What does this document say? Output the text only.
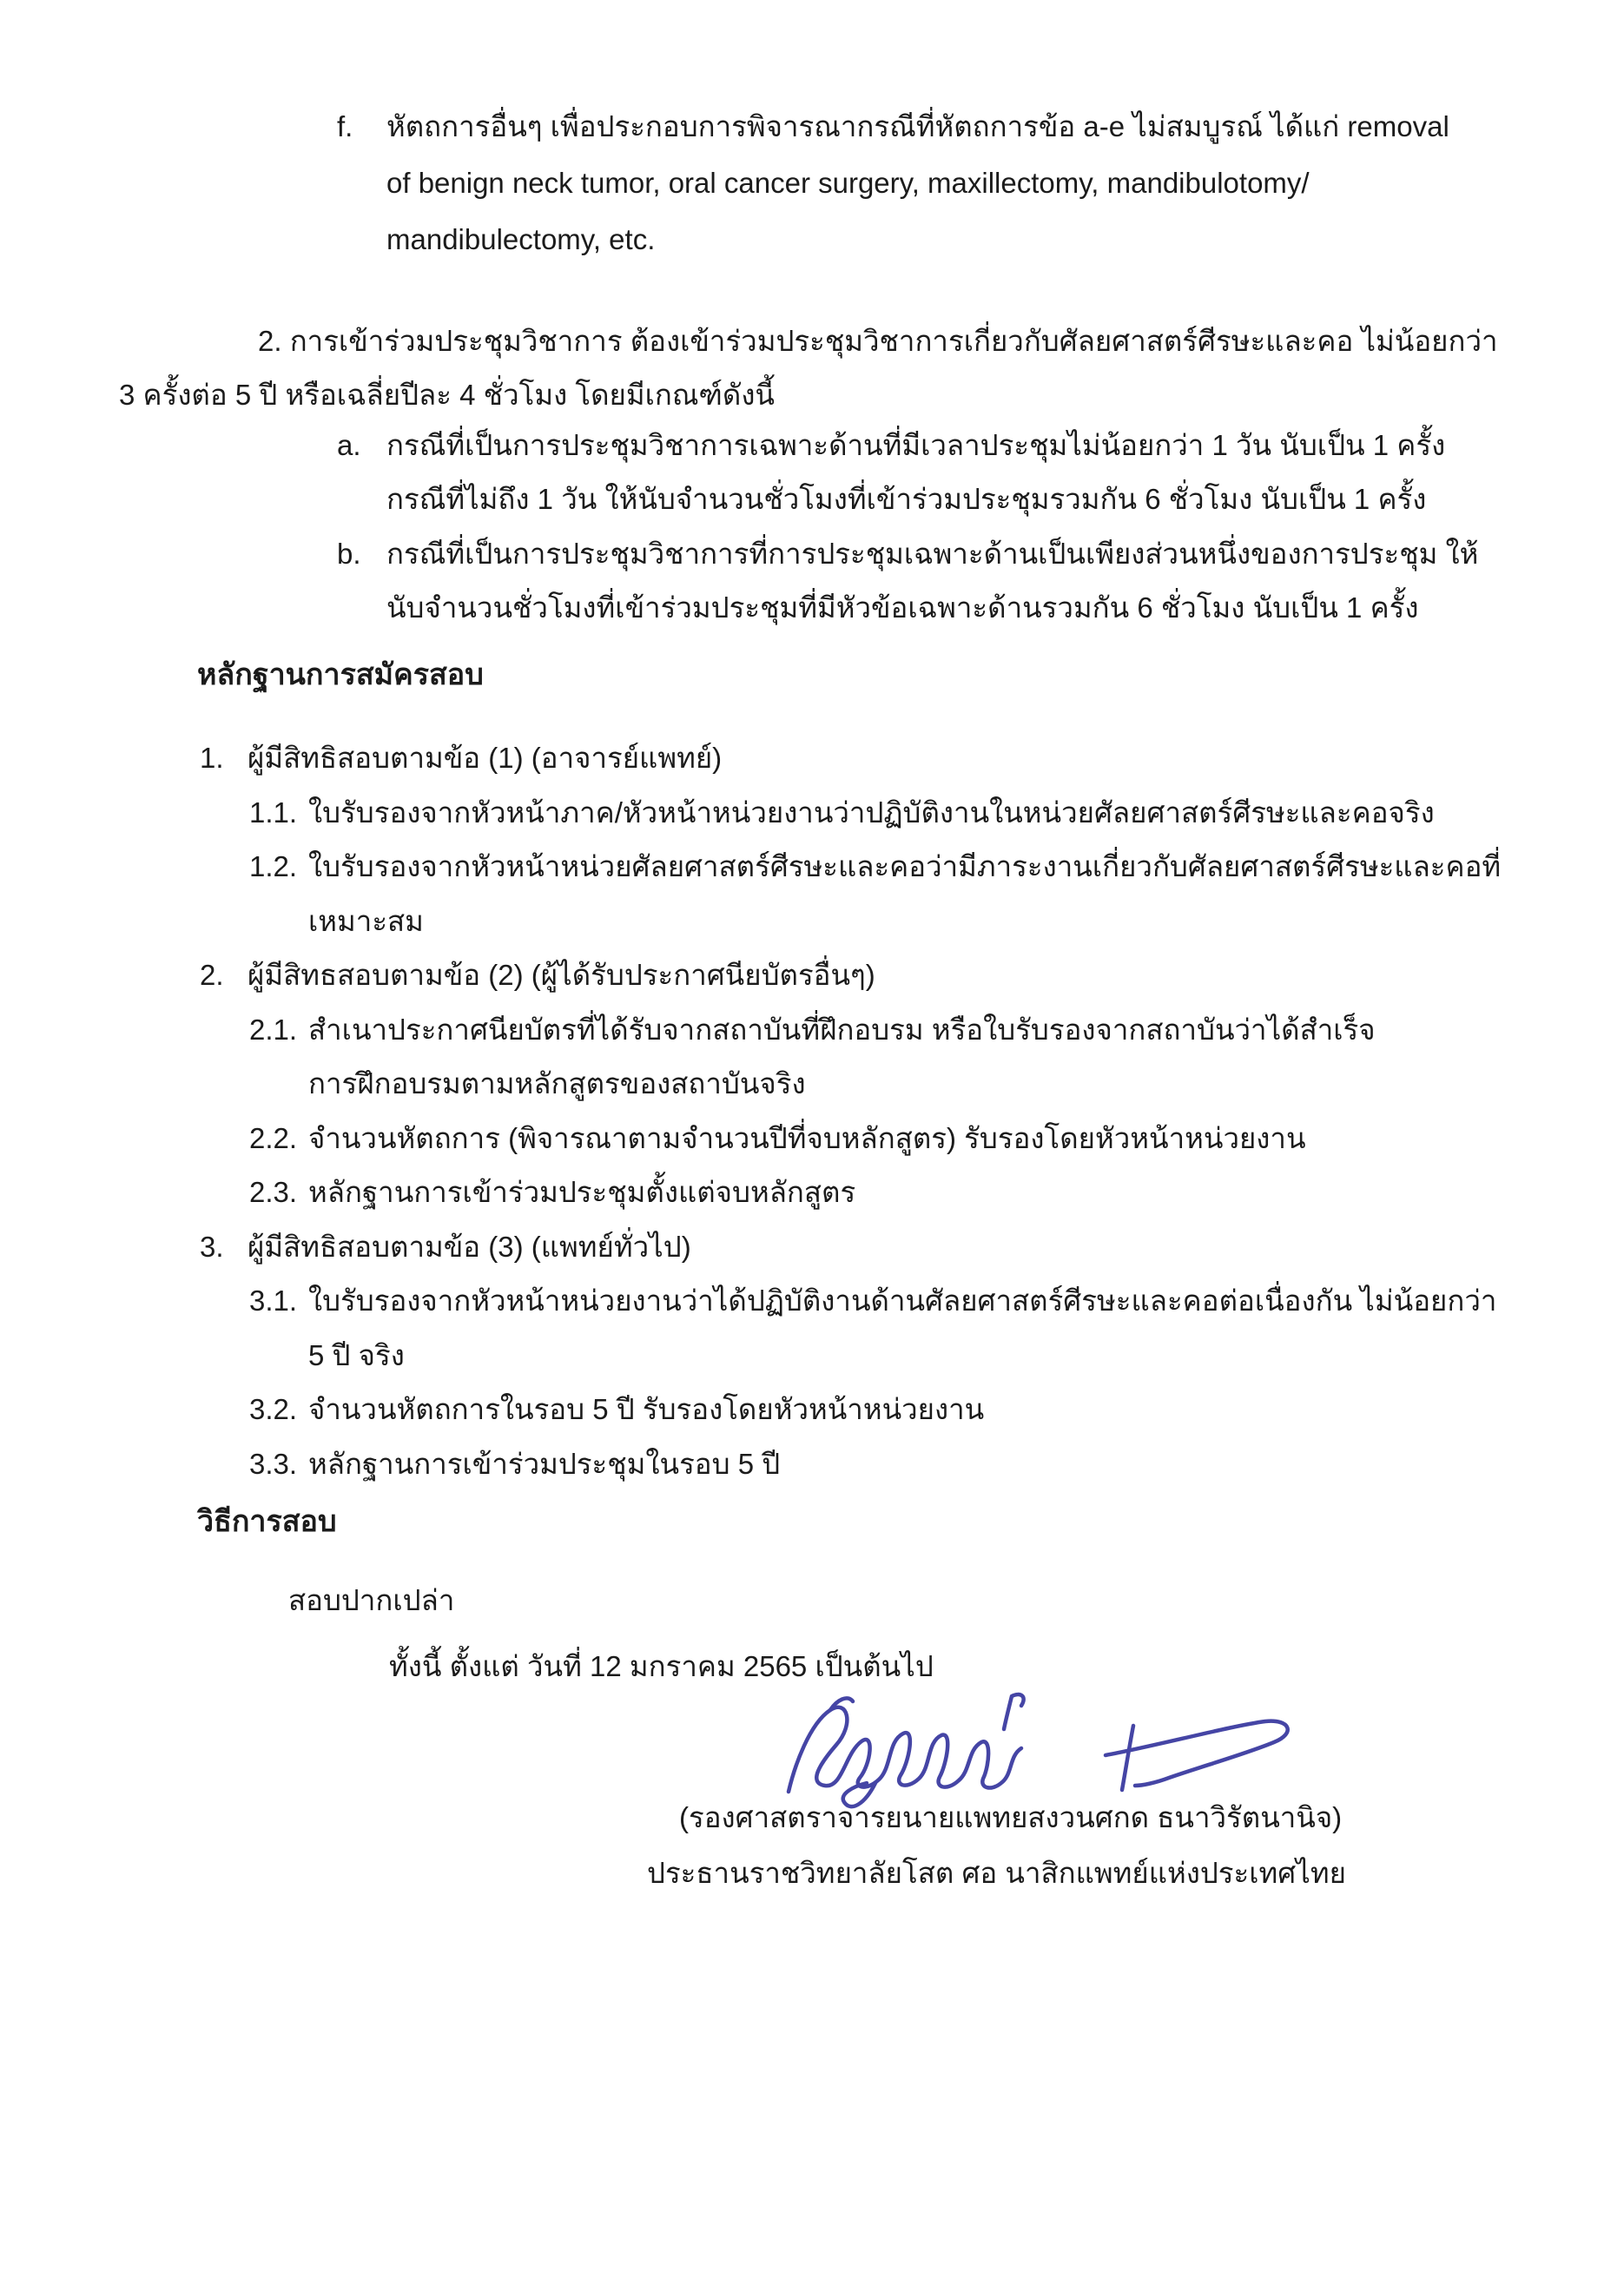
f. หัตถการอื่นๆ เพื่อประกอบการพิจารณากรณีที่หัตถการข้อ a-e ไม่สมบูรณ์ ได้แก่ removal
of benign neck tumor, oral cancer surgery, maxillectomy, mandibulotomy/
mandibulectomy, etc.
2. การเข้าร่วมประชุมวิชาการ ต้องเข้าร่วมประชุมวิชาการเกี่ยวกับศัลยศาสตร์ศีรษะและคอ ไม่น้อยกว่า
3 ครั้งต่อ 5 ปี หรือเฉลี่ยปีละ 4 ชั่วโมง โดยมีเกณฑ์ดังนี้
a. กรณีที่เป็นการประชุมวิชาการเฉพาะด้านที่มีเวลาประชุมไม่น้อยกว่า 1 วัน นับเป็น 1 ครั้ง
กรณีที่ไม่ถึง 1 วัน ให้นับจำนวนชั่วโมงที่เข้าร่วมประชุมรวมกัน 6 ชั่วโมง นับเป็น 1 ครั้ง
b. กรณีที่เป็นการประชุมวิชาการที่การประชุมเฉพาะด้านเป็นเพียงส่วนหนึ่งของการประชุม ให้
นับจำนวนชั่วโมงที่เข้าร่วมประชุมที่มีหัวข้อเฉพาะด้านรวมกัน 6 ชั่วโมง นับเป็น 1 ครั้ง
หลักฐานการสมัครสอบ
1. ผู้มีสิทธิสอบตามข้อ (1) (อาจารย์แพทย์)
1.1. ใบรับรองจากหัวหน้าภาค/หัวหน้าหน่วยงานว่าปฏิบัติงานในหน่วยศัลยศาสตร์ศีรษะและคอจริง
1.2. ใบรับรองจากหัวหน้าหน่วยศัลยศาสตร์ศีรษะและคอว่ามีภาระงานเกี่ยวกับศัลยศาสตร์ศีรษะและคอที่
เหมาะสม
2. ผู้มีสิทธสอบตามข้อ (2) (ผู้ได้รับประกาศนียบัตรอื่นๆ)
2.1. สำเนาประกาศนียบัตรที่ได้รับจากสถาบันที่ฝึกอบรม หรือใบรับรองจากสถาบันว่าได้สำเร็จ
การฝึกอบรมตามหลักสูตรของสถาบันจริง
2.2. จำนวนหัตถการ (พิจารณาตามจำนวนปีที่จบหลักสูตร) รับรองโดยหัวหน้าหน่วยงาน
2.3. หลักฐานการเข้าร่วมประชุมตั้งแต่จบหลักสูตร
3. ผู้มีสิทธิสอบตามข้อ (3) (แพทย์ทั่วไป)
3.1. ใบรับรองจากหัวหน้าหน่วยงานว่าได้ปฏิบัติงานด้านศัลยศาสตร์ศีรษะและคอต่อเนื่องกัน ไม่น้อยกว่า
5 ปี จริง
3.2. จำนวนหัตถการในรอบ 5 ปี รับรองโดยหัวหน้าหน่วยงาน
3.3. หลักฐานการเข้าร่วมประชุมในรอบ 5 ปี
วิธีการสอบ
สอบปากเปล่า
ทั้งนี้ ตั้งแต่ วันที่ 12 มกราคม 2565 เป็นต้นไป
(รองศาสตราจารยนายแพทยสงวนศกด ธนาวิรัตนานิจ)
ประธานราชวิทยาลัยโสต ศอ นาสิกแพทย์แห่งประเทศไทย
